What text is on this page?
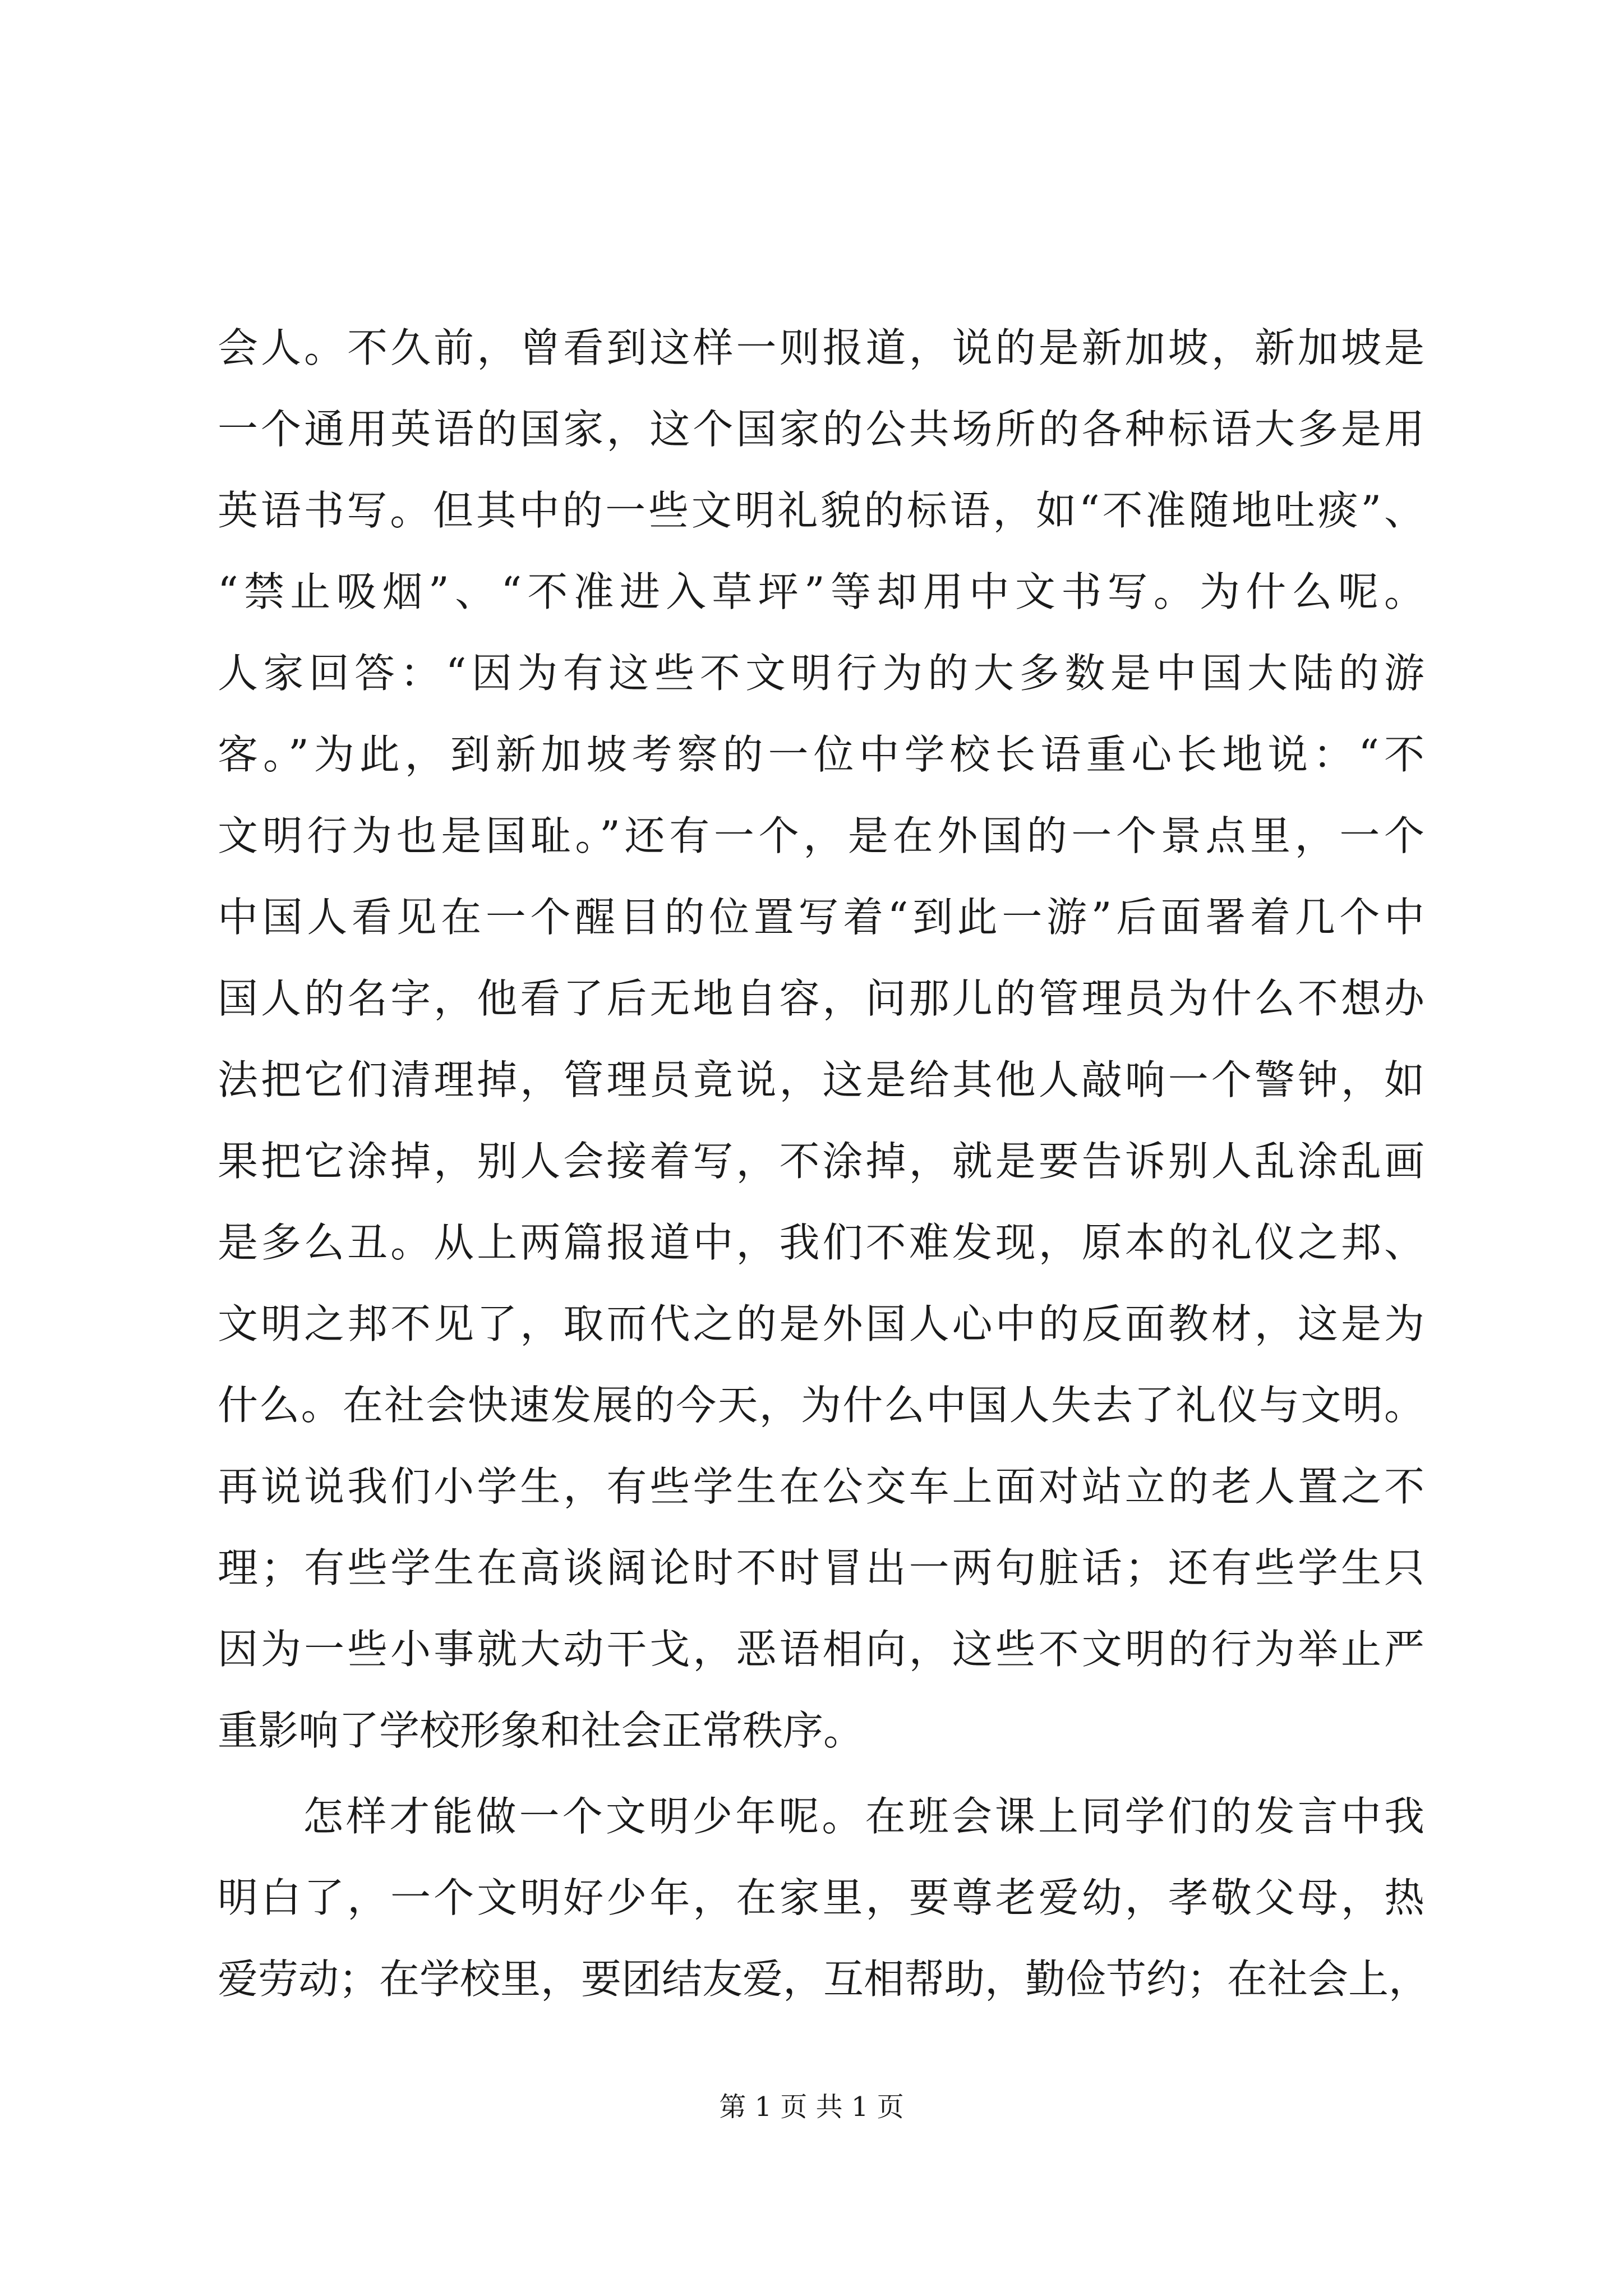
会人。不久前，曾看到这样一则报道，说的是新加坡，新加坡是
一个通用英语的国家，这个国家的公共场所的各种标语大多是用
英语书写。但其中的一些文明礼貌的标语，如“不准随地吐痰”、
“禁止吸烟”、“不准进入草坪”等却用中文书写。为什么呢。
人家回答：“因为有这些不文明行为的大多数是中国大陆的游
客。”为此，到新加坡考察的一位中学校长语重心长地说：“不
文明行为也是国耻。”还有一个，是在外国的一个景点里，一个
中国人看见在一个醒目的位置写着“到此一游”后面署着几个中
国人的名字，他看了后无地自容，问那儿的管理员为什么不想办
法把它们清理掉，管理员竟说，这是给其他人敲响一个警钟，如
果把它涂掉，别人会接着写，不涂掉，就是要告诉别人乱涂乱画
是多么丑。从上两篇报道中，我们不难发现，原本的礼仪之邦、
文明之邦不见了，取而代之的是外国人心中的反面教材，这是为
什么。在社会快速发展的今天，为什么中国人失去了礼仪与文明。
再说说我们小学生，有些学生在公交车上面对站立的老人置之不
理；有些学生在高谈阔论时不时冒出一两句脏话；还有些学生只
因为一些小事就大动干戈，恶语相向，这些不文明的行为举止严
重影响了学校形象和社会正常秩序。
怎样才能做一个文明少年呢。在班会课上同学们的发言中我
明白了，一个文明好少年，在家里，要尊老爱幼，孝敬父母，热
爱劳动；在学校里，要团结友爱，互相帮助，勤俭节约；在社会上，
第 1 页 共 1 页
